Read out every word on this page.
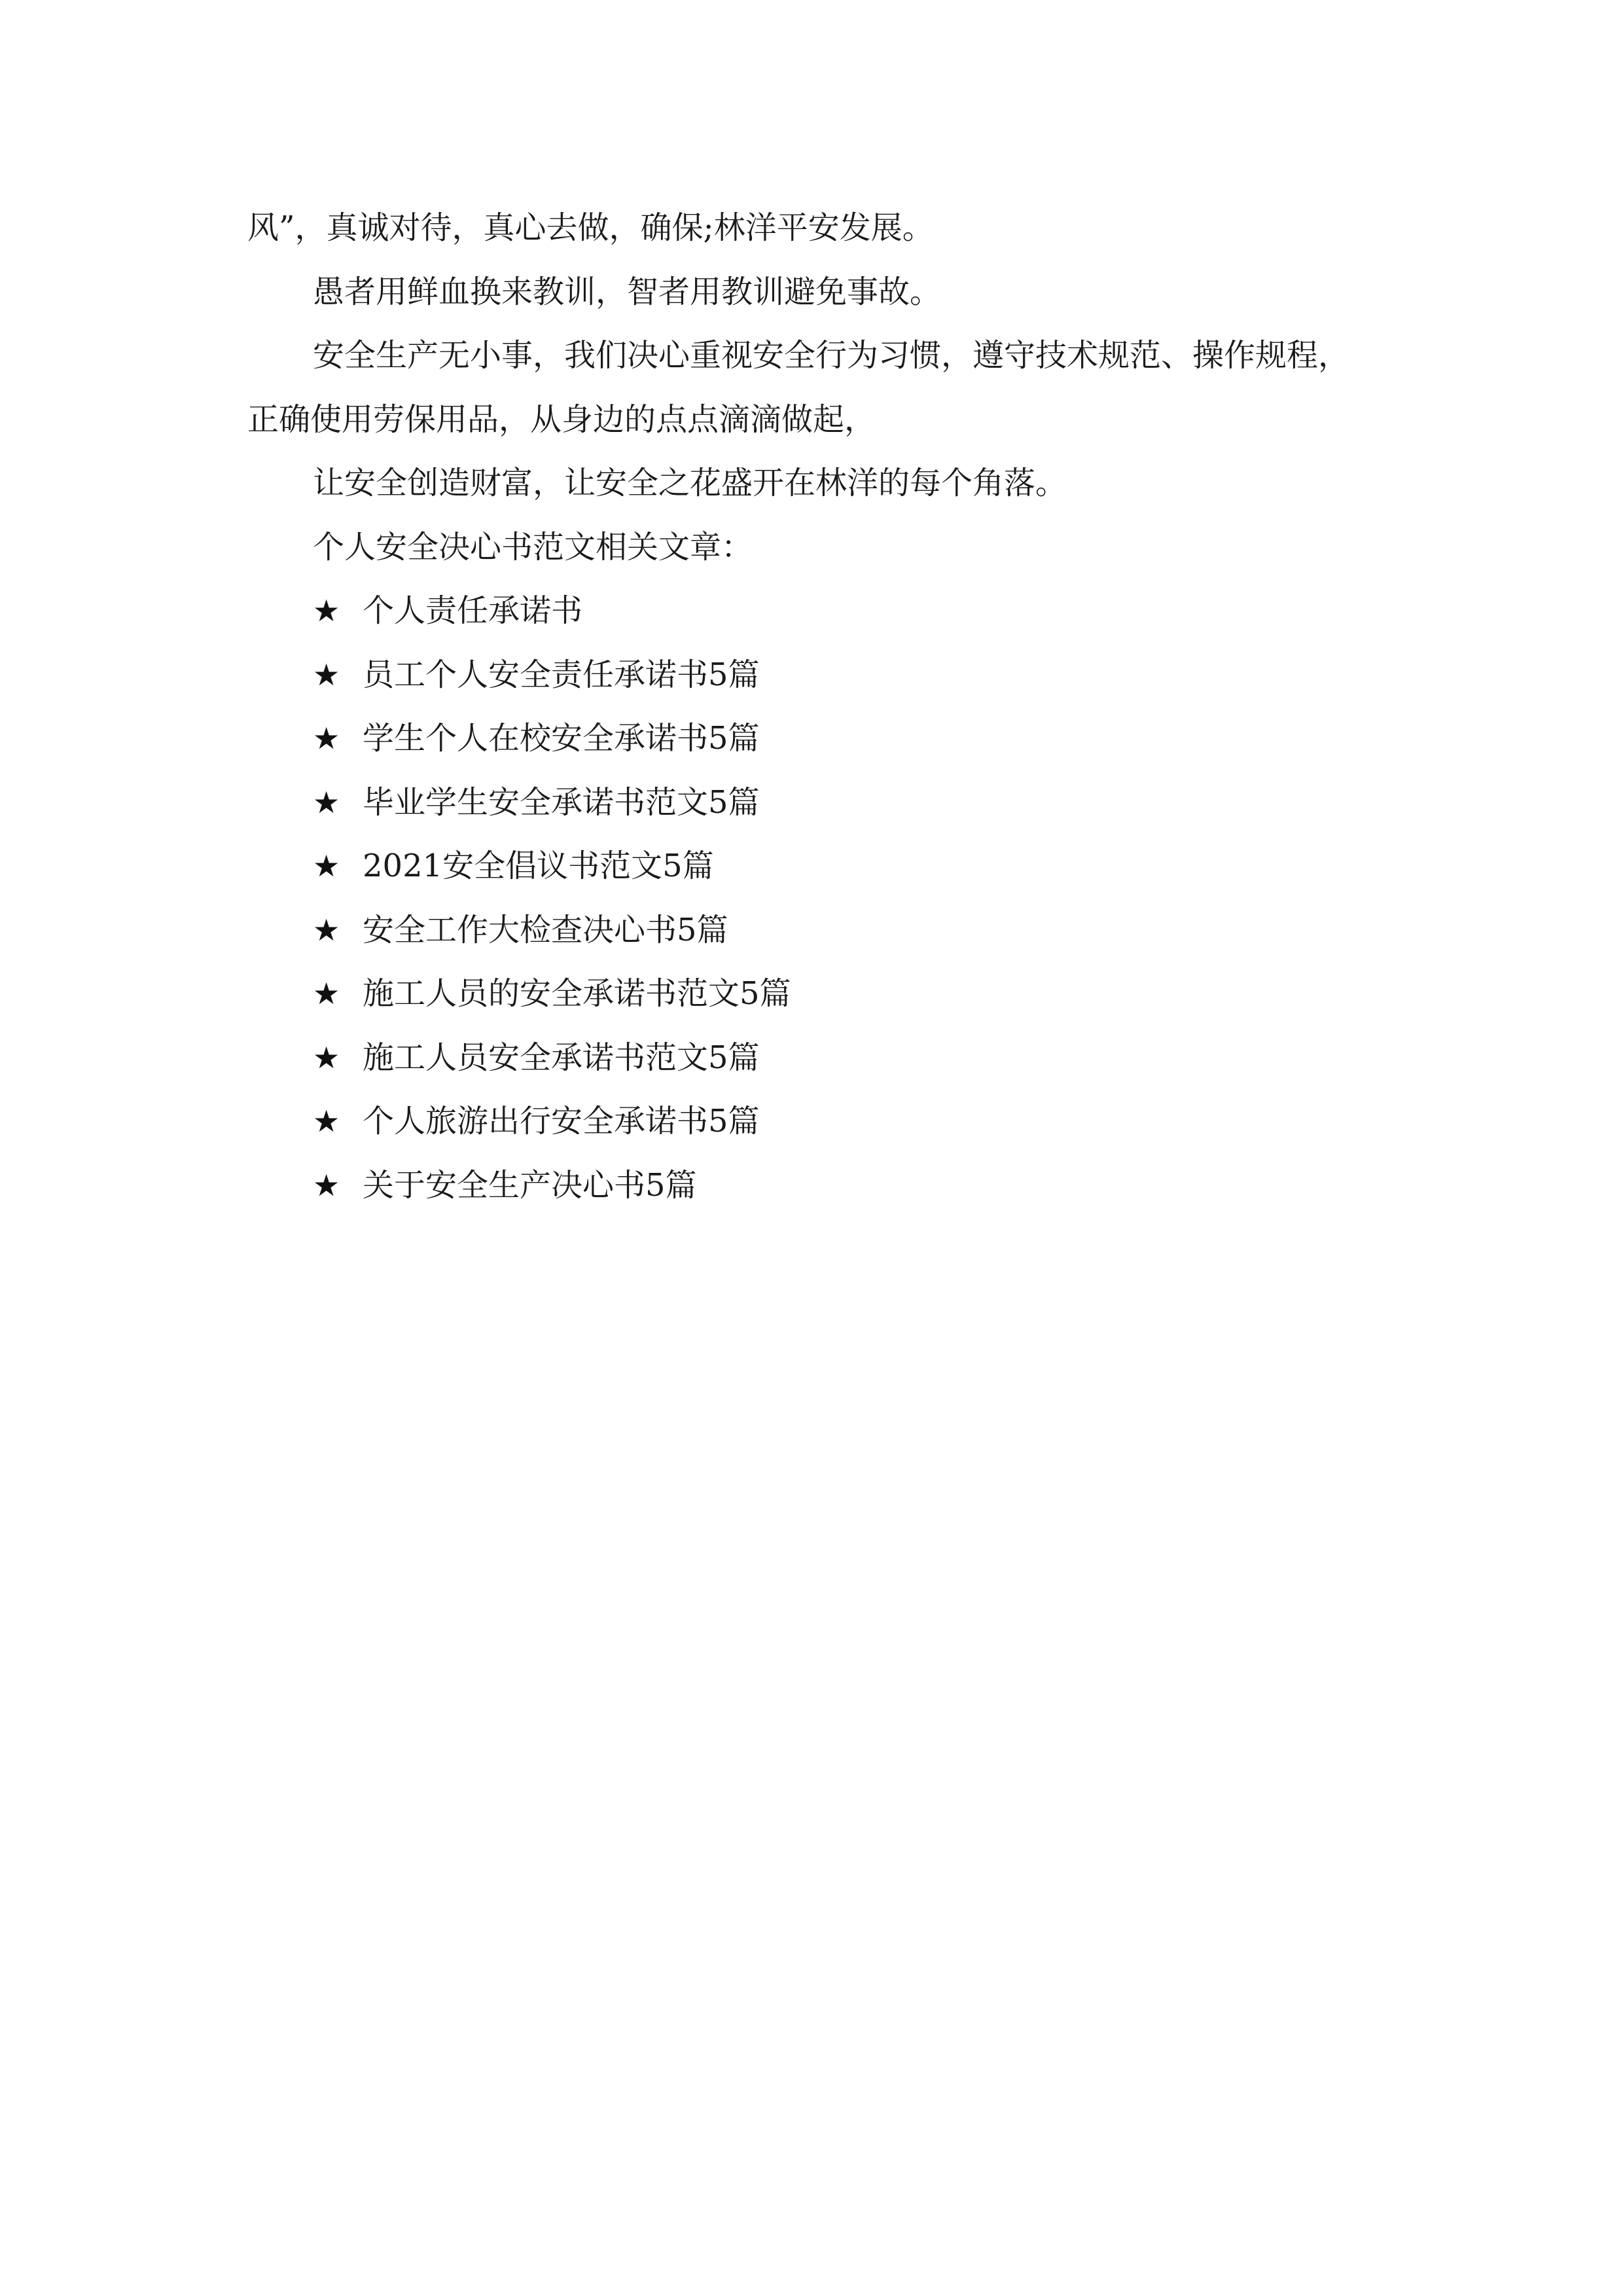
风”，真诚对待，真心去做，确保;林洋平安发展。

愚者用鲜血换来教训，智者用教训避免事故。

安全生产无小事，我们决心重视安全行为习惯，遵守技术规范、操作规程，

正确使用劳保用品，从身边的点点滴滴做起，

让安全创造财富，让安全之花盛开在林洋的每个角落。

个人安全决心书范文相关文章：

★ 个人责任承诺书
★ 员工个人安全责任承诺书5篇
★ 学生个人在校安全承诺书5篇
★ 毕业学生安全承诺书范文5篇
★ 2021安全倡议书范文5篇
★ 安全工作大检查决心书5篇
★ 施工人员的安全承诺书范文5篇
★ 施工人员安全承诺书范文5篇
★ 个人旅游出行安全承诺书5篇
★ 关于安全生产决心书5篇
